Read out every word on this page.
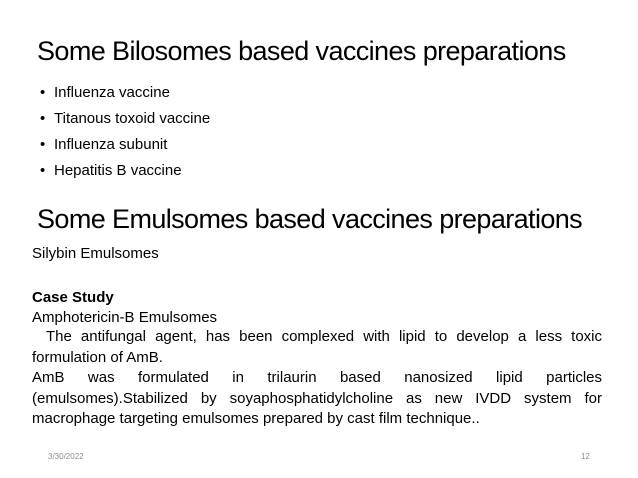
Some Bilosomes based vaccines preparations
• Influenza vaccine
• Titanous toxoid vaccine
• Influenza subunit
• Hepatitis B vaccine
Some Emulsomes based vaccines preparations
Silybin Emulsomes
Case Study
Amphotericin-B Emulsomes

The antifungal agent, has been complexed with lipid to develop a less toxic formulation of AmB.

AmB was formulated in trilaurin based nanosized lipid particles (emulsomes).Stabilized by soyaphosphatidylcholine as new IVDD system for macrophage targeting emulsomes prepared by cast film technique..

3/30/2022	12
